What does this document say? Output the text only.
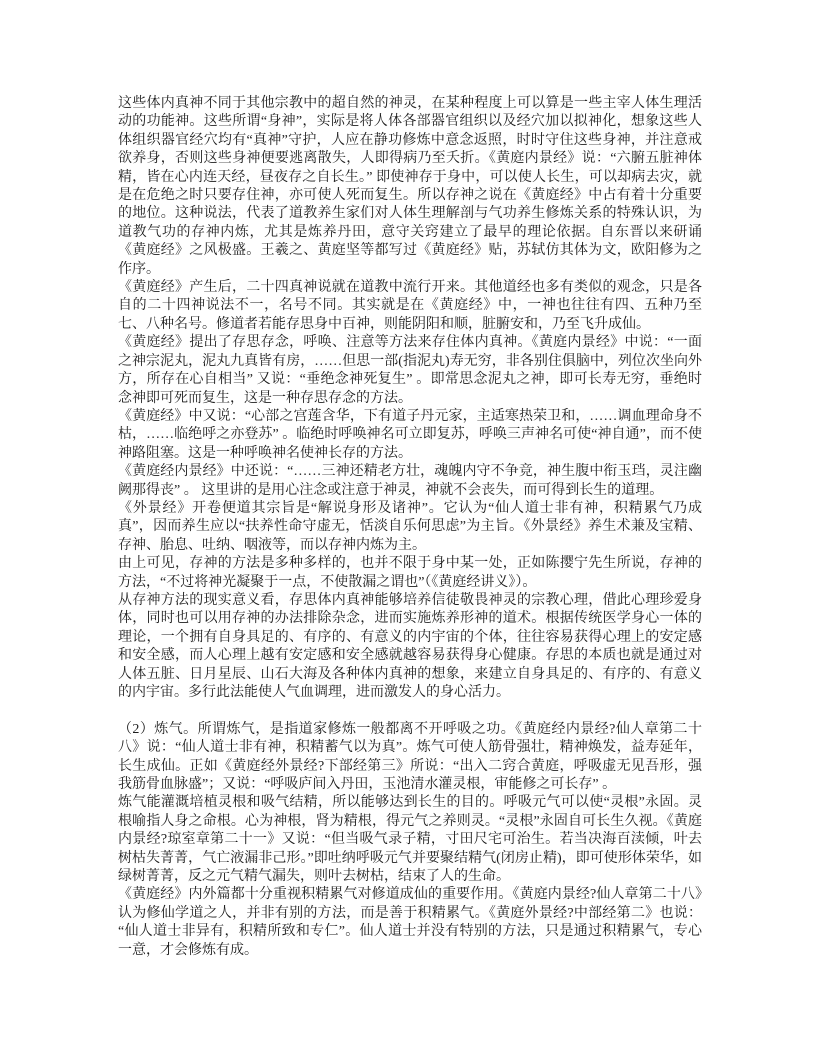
这些体内真神不同于其他宗教中的超自然的神灵，在某种程度上可以算是一些主宰人体生理活动的功能神。这些所谓“身神”，实际是将人体各部器官组织以及经穴加以拟神化，想象这些人体组织器官经穴均有“真神”守护，人应在静功修炼中意念返照，时时守住这些身神，并注意戒欲养身，否则这些身神便要逃离散失，人即得病乃至夭折。《黄庭内景经》说：“六腑五脏神体精，皆在心内连天经，昼夜存之自长生。” 即使神存于身中，可以使人长生，可以却病去灾，就是在危绝之时只要存住神，亦可使人死而复生。所以存神之说在《黄庭经》中占有着十分重要的地位。这种说法，代表了道教养生家们对人体生理解剖与气功养生修炼关系的特殊认识，为道教气功的存神内炼，尤其是炼养丹田，意守关窍建立了最早的理论依据。自东晋以来研诵《黄庭经》之风极盛。王羲之、黄庭坚等都写过《黄庭经》贴，苏轼仿其体为文，欧阳修为之作序。

《黄庭经》产生后，二十四真神说就在道教中流行开来。其他道经也多有类似的观念，只是各自的二十四神说法不一，名号不同。其实就是在《黄庭经》中，一神也往往有四、五种乃至七、八种名号。修道者若能存思身中百神，则能阴阳和顺，脏腑安和，乃至飞升成仙。

《黄庭经》提出了存思存念，呼唤、注意等方法来存住体内真神。《黄庭内景经》中说：“一面之神宗泥丸，泥丸九真皆有房，……但思一部(指泥丸)寿无穷，非各别住俱脑中，列位次坐向外方，所存在心自相当” 又说：“垂绝念神死复生” 。即常思念泥丸之神，即可长寿无穷，垂绝时念神即可死而复生，这是一种存思存念的方法。

《黄庭经》中又说：“心部之宫莲含华，下有道子丹元家，主适寒热荣卫和，……调血理命身不枯，……临绝呼之亦登苏” 。临绝时呼唤神名可立即复苏，呼唤三声神名可使“神自通”，而不使神路阻塞。这是一种呼唤神名使神长存的方法。

《黄庭经内景经》中还说：“……三神还精老方壮，魂魄内守不争竞，神生腹中衔玉珰，灵注幽阙那得丧” 。 这里讲的是用心注念或注意于神灵，神就不会丧失，而可得到长生的道理。

《外景经》开卷便道其宗旨是“解说身形及诸神”。它认为“仙人道士非有神，积精累气乃成真”，因而养生应以“扶养性命守虚无，恬淡自乐何思虑”为主旨。《外景经》养生术兼及宝精、存神、胎息、吐纳、咽液等，而以存神内炼为主。

由上可见，存神的方法是多种多样的，也并不限于身中某一处，正如陈撄宁先生所说，存神的方法，“不过将神光凝聚于一点，不使散漏之谓也”（《黄庭经讲义》）。

从存神方法的现实意义看，存思体内真神能够培养信徒敬畏神灵的宗教心理，借此心理珍爱身体，同时也可以用存神的办法排除杂念，进而实施炼养形神的道术。根据传统医学身心一体的理论，一个拥有自身具足的、有序的、有意义的内宇宙的个体，往往容易获得心理上的安定感和安全感，而人心理上越有安定感和安全感就越容易获得身心健康。存思的本质也就是通过对人体五脏、日月星辰、山石大海及各种体内真神的想象，来建立自身具足的、有序的、有意义的内宇宙。多行此法能使人气血调理，进而激发人的身心活力。

（2）炼气。所谓炼气，是指道家修炼一般都离不开呼吸之功。《黄庭经内景经?仙人章第二十八》说：“仙人道士非有神，积精蓄气以为真”。炼气可使人筋骨强壮，精神焕发，益寿延年，长生成仙。正如《黄庭经外景经?下部经第三》所说：“出入二窍合黄庭，呼吸虚无见吾形，强我筋骨血脉盛”；又说：“呼吸庐间入丹田，玉池清水灌灵根，审能修之可长存” 。

炼气能灌溉培植灵根和吸气结精，所以能够达到长生的目的。呼吸元气可以使“灵根”永固。灵根喻指人身之命根。心为神根，肾为精根，得元气之养则灵。“灵根”永固自可长生久视。《黄庭内景经?琼室章第二十一》又说：“但当吸气录子精，寸田尺宅可治生。若当决海百渎倾，叶去树枯失菁菁，气亡液漏非己形。”即吐纳呼吸元气并要聚结精气(闭房止精)，即可使形体荣华，如绿树菁菁，反之元气精气漏失，则叶去树枯，结束了人的生命。

《黄庭经》内外篇都十分重视积精累气对修道成仙的重要作用。《黄庭内景经?仙人章第二十八》认为修仙学道之人，并非有别的方法，而是善于积精累气。《黄庭外景经?中部经第二》也说：“仙人道士非异有，积精所致和专仁”。仙人道士并没有特别的方法，只是通过积精累气，专心一意，才会修炼有成。
